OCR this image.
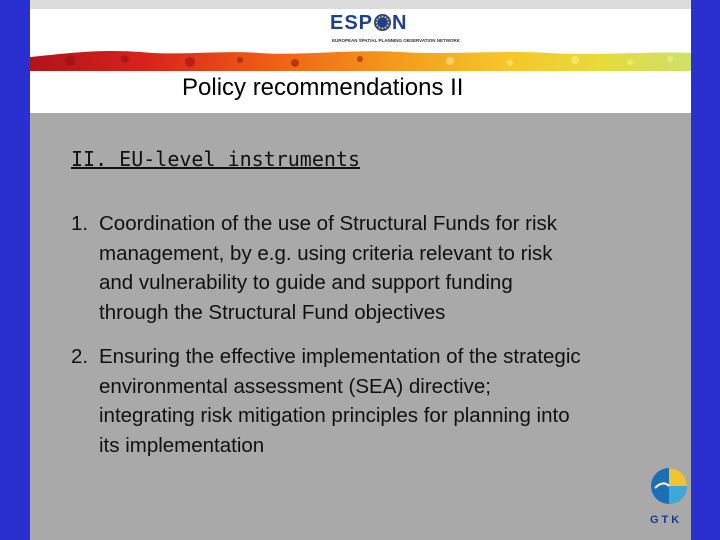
ESP N
EUROPEAN SPATIAL PLANNING OBSERVATION NETWORK
Policy recommendations II
II. EU-level instruments
1. Coordination of the use of Structural Funds for risk
management, by e.g. using criteria relevant to risk
and vulnerability to guide and support funding
through the Structural Fund objectives
2. Ensuring the effective implementation of the strategic
environmental assessment (SEA) directive;
integrating risk mitigation principles for planning into
its implementation
GTK
